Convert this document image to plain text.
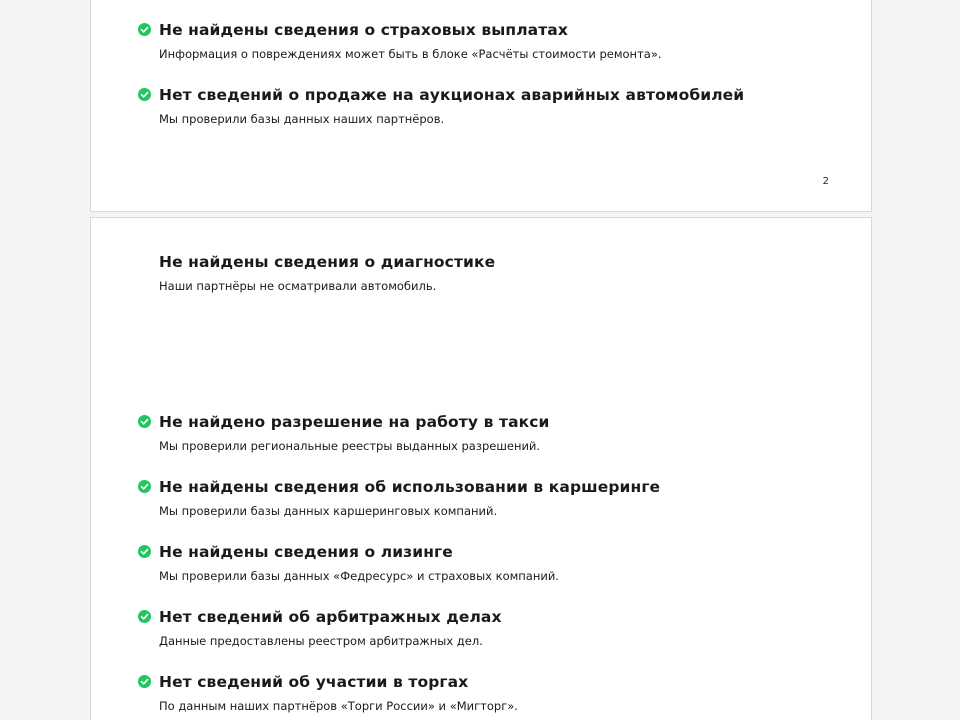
Не найдены сведения о страховых выплатах
Информация о повреждениях может быть в блоке «Расчёты стоимости ремонта».
Нет сведений о продаже на аукционах аварийных автомобилей
Мы проверили базы данных наших партнёров.
2
Не найдены сведения о диагностике
Наши партнёры не осматривали автомобиль.
Не найдено разрешение на работу в такси
Мы проверили региональные реестры выданных разрешений.
Не найдены сведения об использовании в каршеринге
Мы проверили базы данных каршеринговых компаний.
Не найдены сведения о лизинге
Мы проверили базы данных «Федресурс» и страховых компаний.
Нет сведений об арбитражных делах
Данные предоставлены реестром арбитражных дел.
Нет сведений об участии в торгах
По данным наших партнёров «Торги России» и «Мигторг».
